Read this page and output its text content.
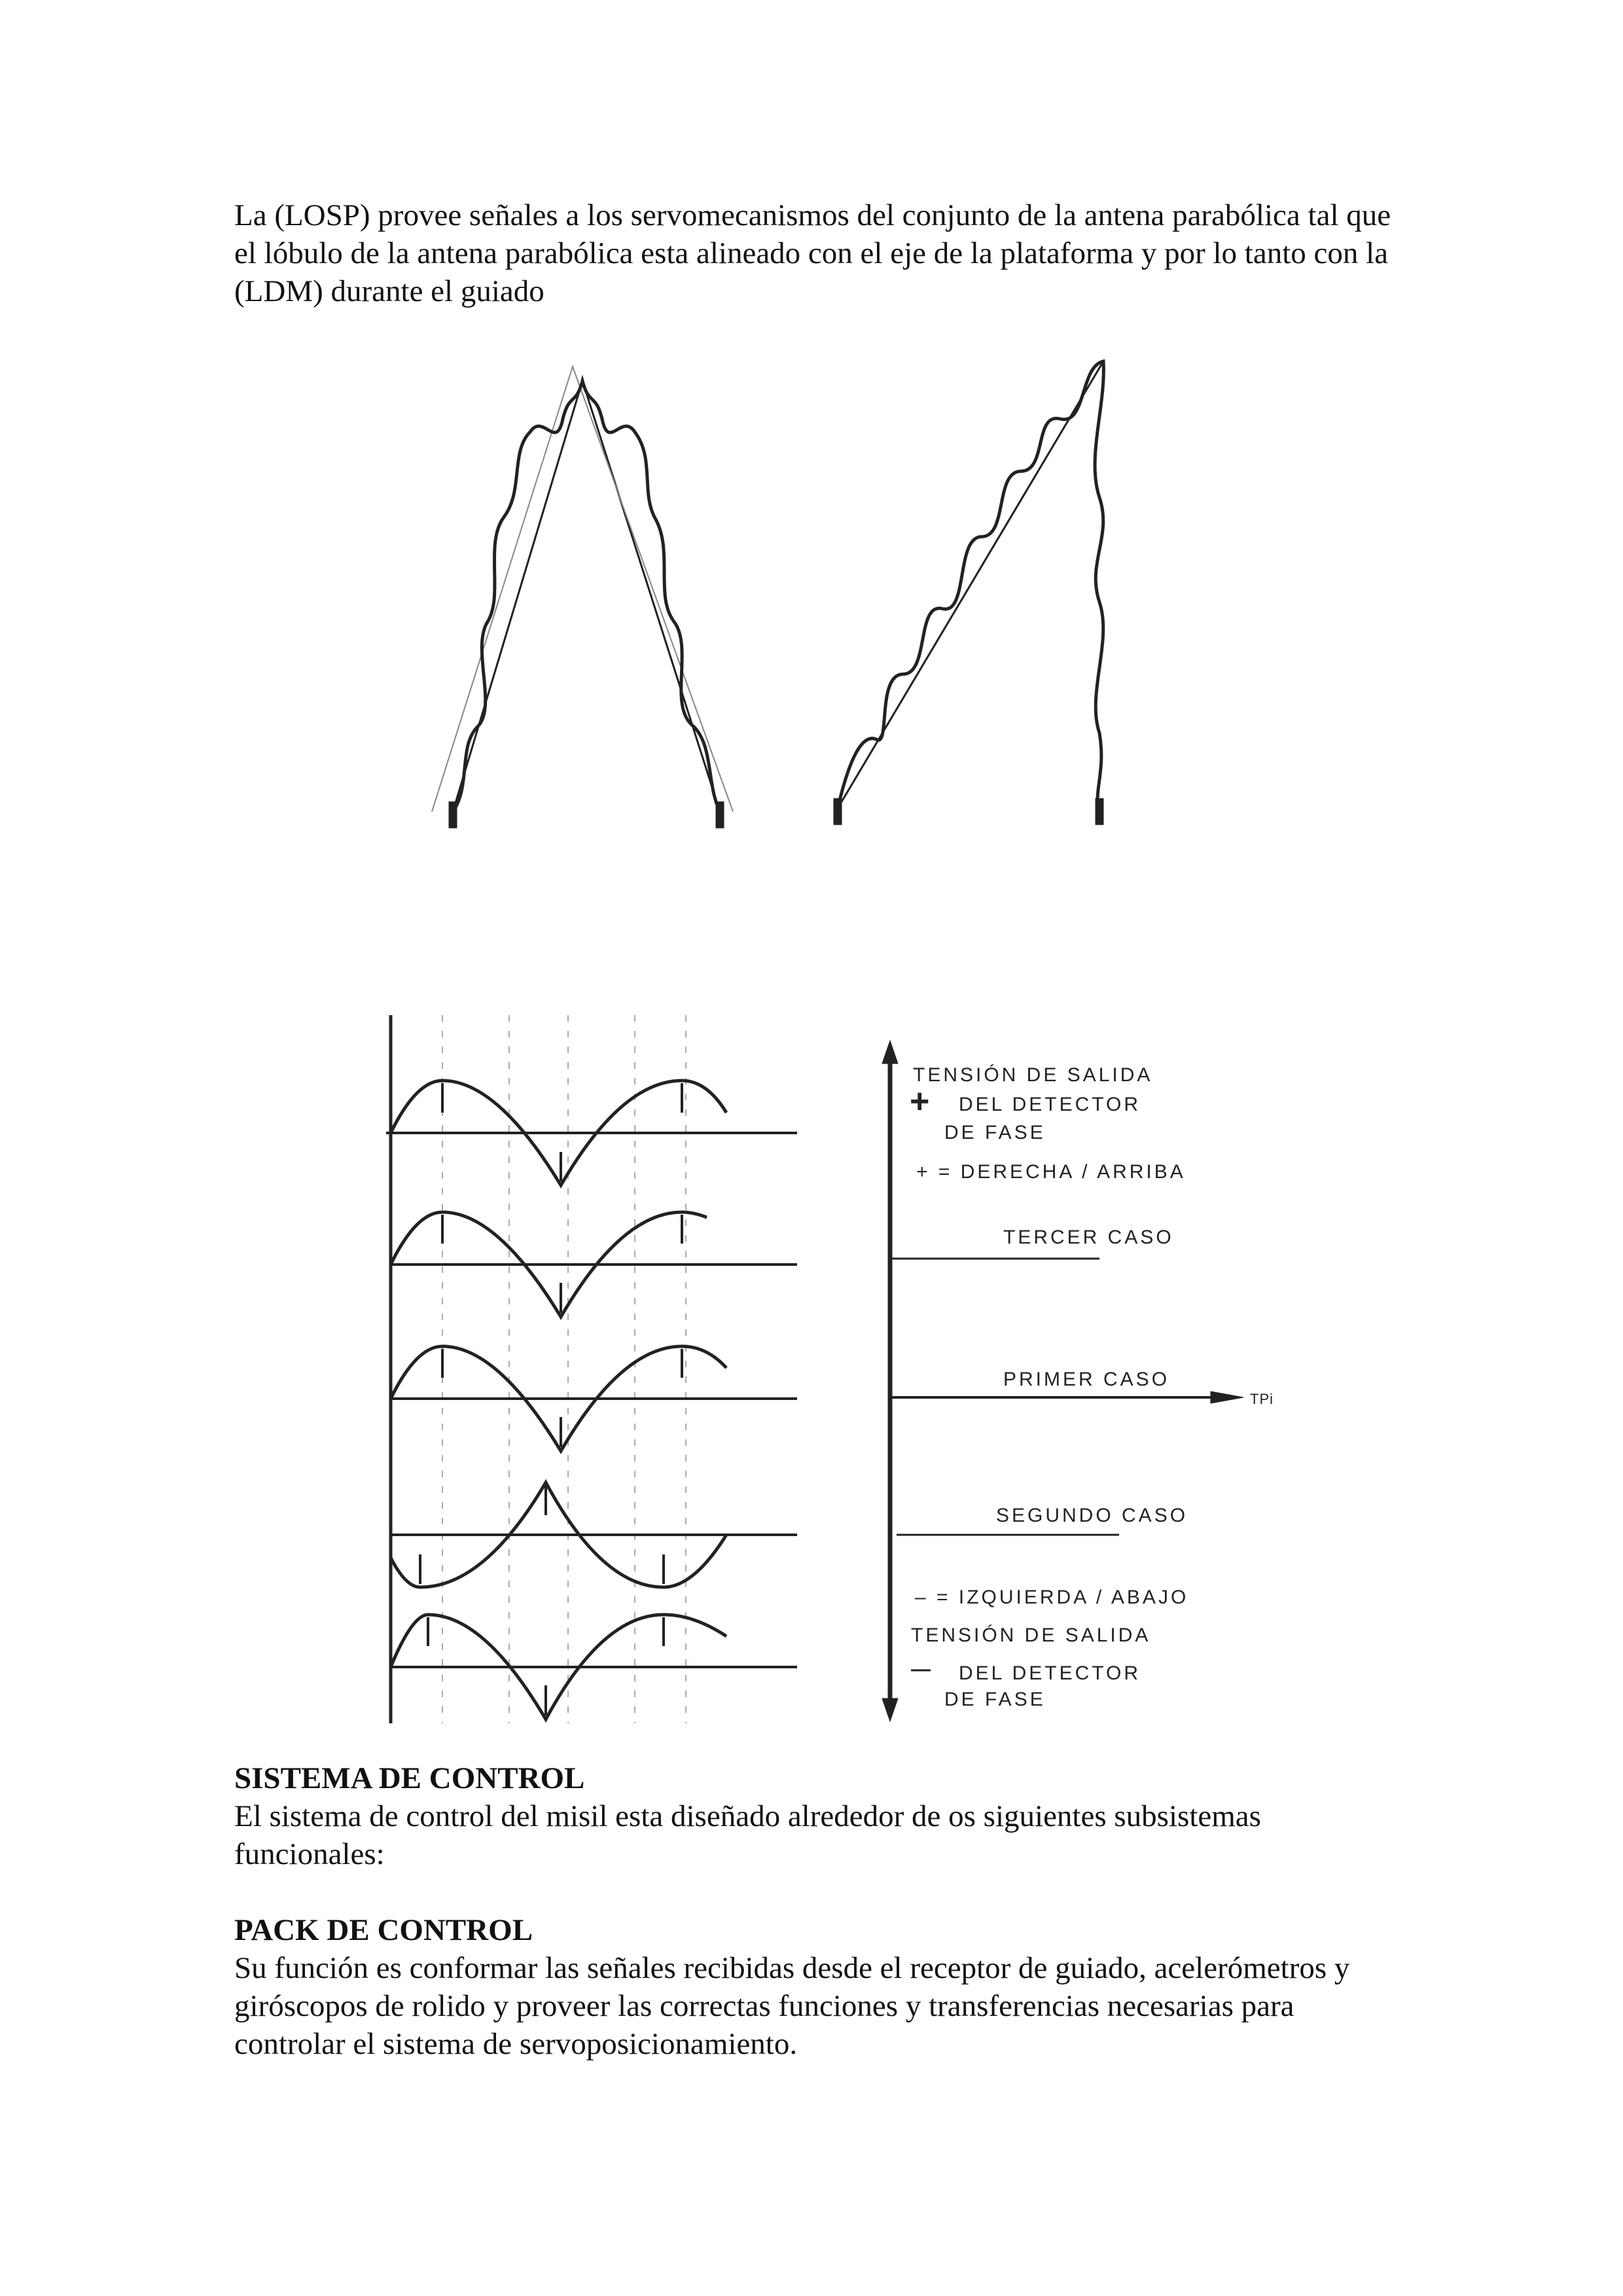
La (LOSP) provee señales a los servomecanismos del conjunto de la antena parabólica tal que el lóbulo de la antena parabólica esta alineado con el eje de la plataforma y por lo tanto con la (LDM) durante el guiado
TENSIÓN DE SALIDA
+ DEL DETECTOR
DE FASE
+ = DERECHA / ARRIBA
TERCER CASO
PRIMER CASO
TPi
SEGUNDO CASO
– = IZQUIERDA / ABAJO
TENSIÓN DE SALIDA
— DEL DETECTOR
DE FASE
SISTEMA DE CONTROL
El sistema de control del misil esta diseñado alrededor de os siguientes subsistemas funcionales:
PACK DE CONTROL
Su función es conformar las señales recibidas desde el receptor de guiado, acelerómetros y giróscopos de rolido y proveer las correctas funciones y transferencias necesarias para controlar el sistema de servoposicionamiento.
